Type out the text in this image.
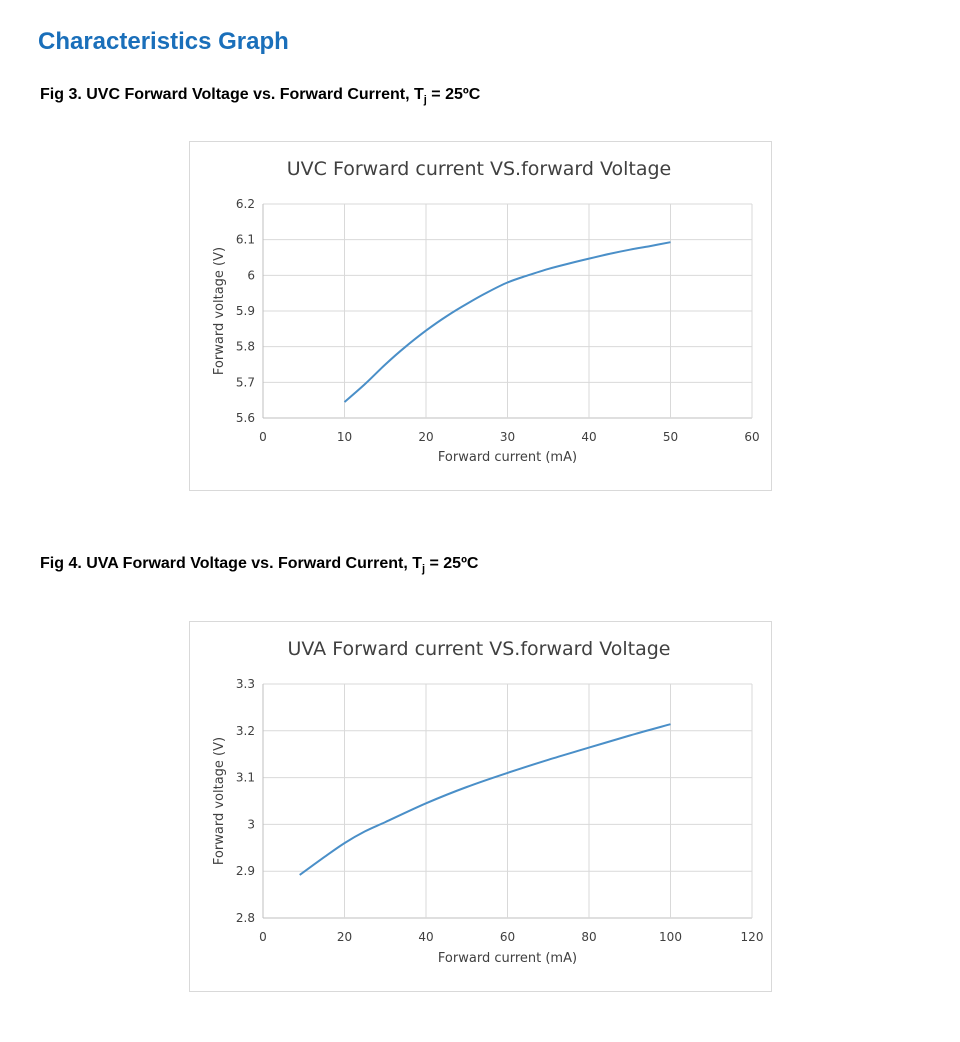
Characteristics Graph

Fig 3. UVC Forward Voltage vs. Forward Current, $T_j$ = 25ºC

UVC Forward current VS.forward Voltage
5.6
5.7
5.8
5.9
6
6.1
6.2
0	10	20	30	40	50	60
Forward current (mA)
Forward voltage (V)

Fig 4. UVA Forward Voltage vs. Forward Current, $T_j$ = 25ºC

UVA Forward current VS.forward Voltage
2.8
2.9
3
3.1
3.2
3.3
0	20	40	60	80	100	120
Forward current (mA)
Forward voltage (V)
